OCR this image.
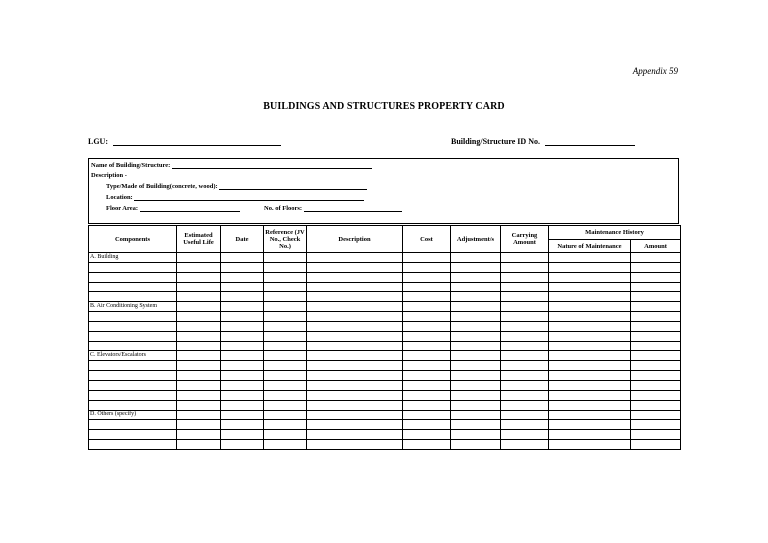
Appendix 59
BUILDINGS AND STRUCTURES PROPERTY CARD
LGU:	Building/Structure ID No.
Name of Building/Structure:
Description -
Type/Made of Building(concrete, wood):
Location:
Floor Area:	No. of Floors:
Components	Estimated Useful Life	Date	Reference (JV No., Check No.)	Description	Cost	Adjustment/s	Carrying Amount	Maintenance History	
								Nature of Maintenance	Amount
A. Building									

B. Air Conditioning System									

C. Elevators/Escalators									

D. Others (specify)									
